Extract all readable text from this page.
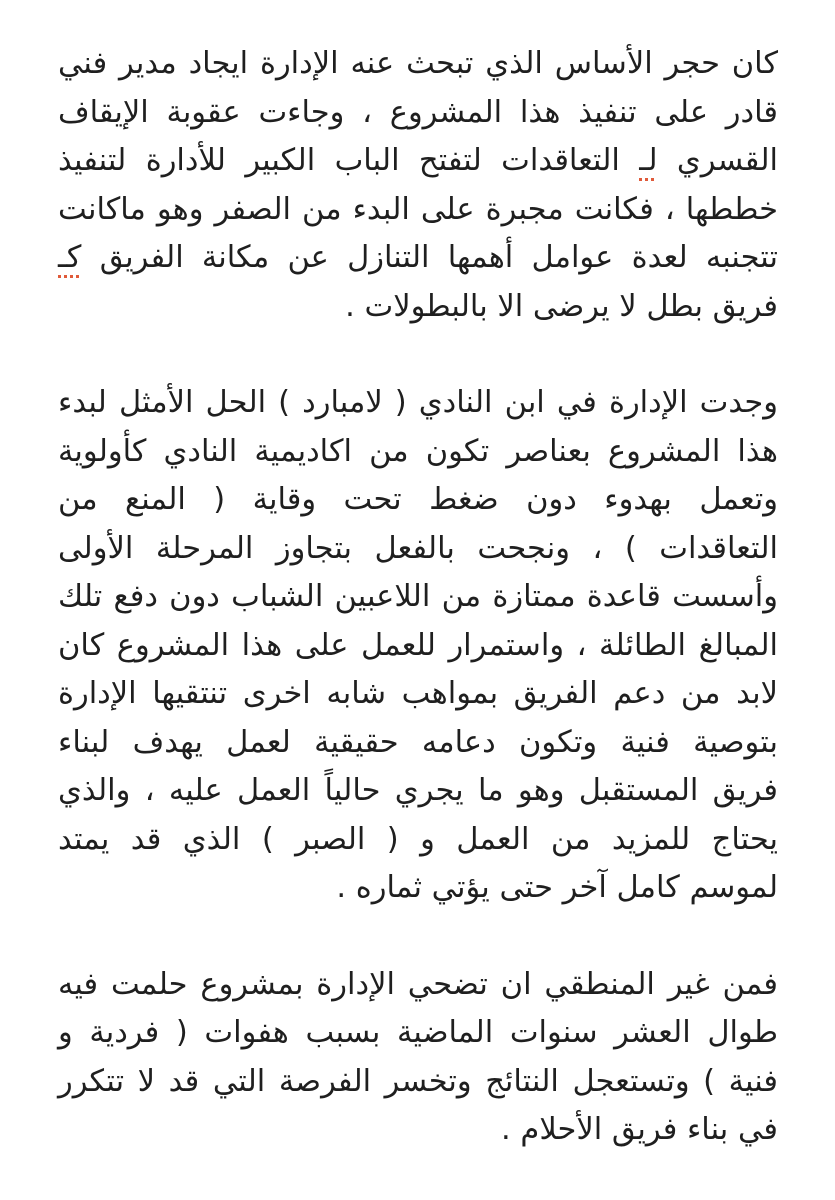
كان حجر الأساس الذي تبحث عنه الإدارة ايجاد مدير فني
قادر على تنفيذ هذا المشروع ، وجاءت عقوبة الإيقاف
القسري لـ التعاقدات لتفتح الباب الكبير للأدارة لتنفيذ
خططها ، فكانت مجبرة على البدء من الصفر وهو ماكانت
تتجنبه لعدة عوامل أهمها التنازل عن مكانة الفريق كـ
فريق بطل لا يرضى الا بالبطولات .

وجدت الإدارة في ابن النادي ( لامبارد ) الحل الأمثل لبدء
هذا المشروع بعناصر تكون من اكاديمية النادي كأولوية
وتعمل بهدوء دون ضغط تحت وقاية ( المنع من
التعاقدات ) ، ونجحت بالفعل بتجاوز المرحلة الأولى
وأسست قاعدة ممتازة من اللاعبين الشباب دون دفع تلك
المبالغ الطائلة ، واستمرار للعمل على هذا المشروع كان
لابد من دعم الفريق بمواهب شابه اخرى تنتقيها الإدارة
بتوصية فنية وتكون دعامه حقيقية لعمل يهدف لبناء
فريق المستقبل وهو ما يجري حالياً العمل عليه ، والذي
يحتاج للمزيد من العمل و ( الصبر ) الذي قد يمتد
لموسم كامل آخر حتى يؤتي ثماره .

فمن غير المنطقي ان تضحي الإدارة بمشروع حلمت فيه
طوال العشر سنوات الماضية بسبب هفوات ( فردية و
فنية ) وتستعجل النتائج وتخسر الفرصة التي قد لا تتكرر
في بناء فريق الأحلام .
